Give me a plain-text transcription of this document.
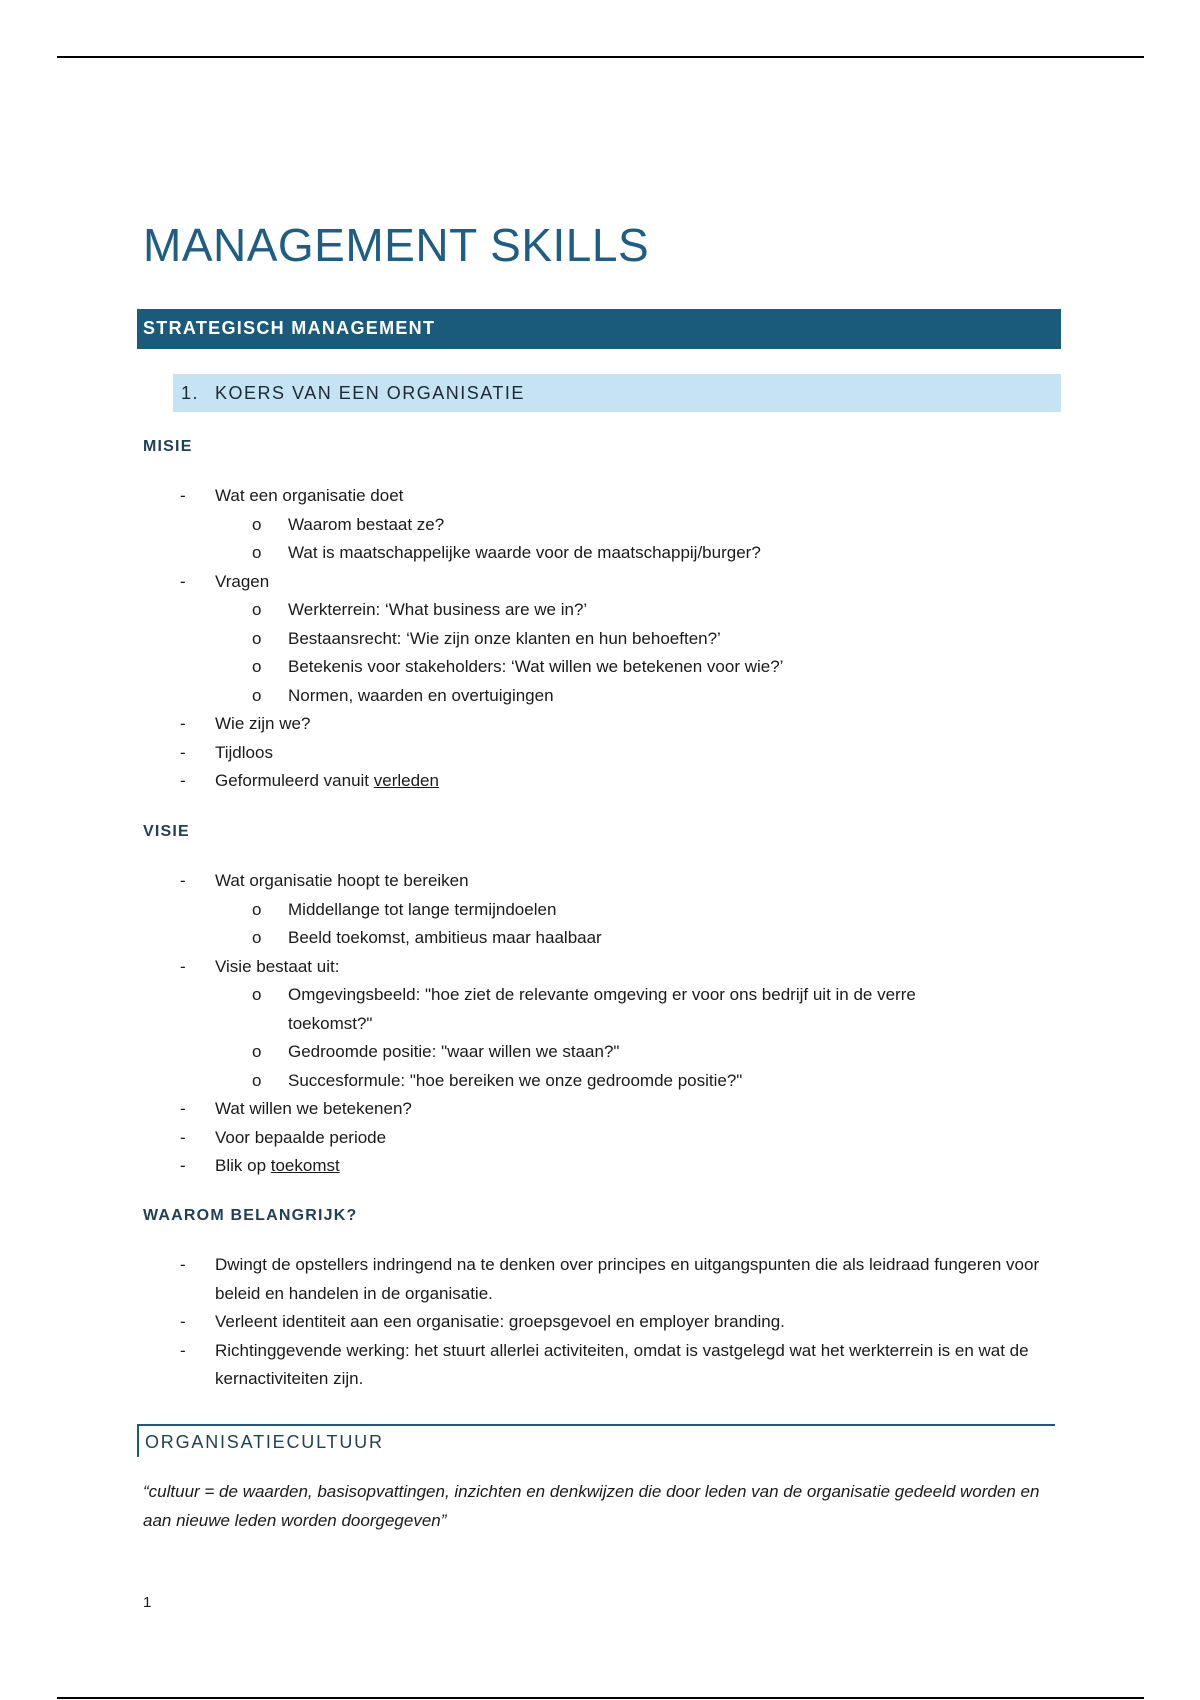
MANAGEMENT SKILLS
STRATEGISCH MANAGEMENT
1. KOERS VAN EEN ORGANISATIE
MISIE
- Wat een organisatie doet
o Waarom bestaat ze?
o Wat is maatschappelijke waarde voor de maatschappij/burger?
- Vragen
o Werkterrein: ‘What business are we in?’
o Bestaansrecht: ‘Wie zijn onze klanten en hun behoeften?’
o Betekenis voor stakeholders: ‘Wat willen we betekenen voor wie?’
o Normen, waarden en overtuigingen
- Wie zijn we?
- Tijdloos
- Geformuleerd vanuit verleden
VISIE
- Wat organisatie hoopt te bereiken
o Middellange tot lange termijndoelen
o Beeld toekomst, ambitieus maar haalbaar
- Visie bestaat uit:
o Omgevingsbeeld: "hoe ziet de relevante omgeving er voor ons bedrijf uit in de verre toekomst?"
o Gedroomde positie: "waar willen we staan?"
o Succesformule: "hoe bereiken we onze gedroomde positie?"
- Wat willen we betekenen?
- Voor bepaalde periode
- Blik op toekomst
WAAROM BELANGRIJK?
- Dwingt de opstellers indringend na te denken over principes en uitgangspunten die als leidraad fungeren voor beleid en handelen in de organisatie.
- Verleent identiteit aan een organisatie: groepsgevoel en employer branding.
- Richtinggevende werking: het stuurt allerlei activiteiten, omdat is vastgelegd wat het werkterrein is en wat de kernactiviteiten zijn.
ORGANISATIECULTUUR
“cultuur = de waarden, basisopvattingen, inzichten en denkwijzen die door leden van de organisatie gedeeld worden en aan nieuwe leden worden doorgegeven”
1
